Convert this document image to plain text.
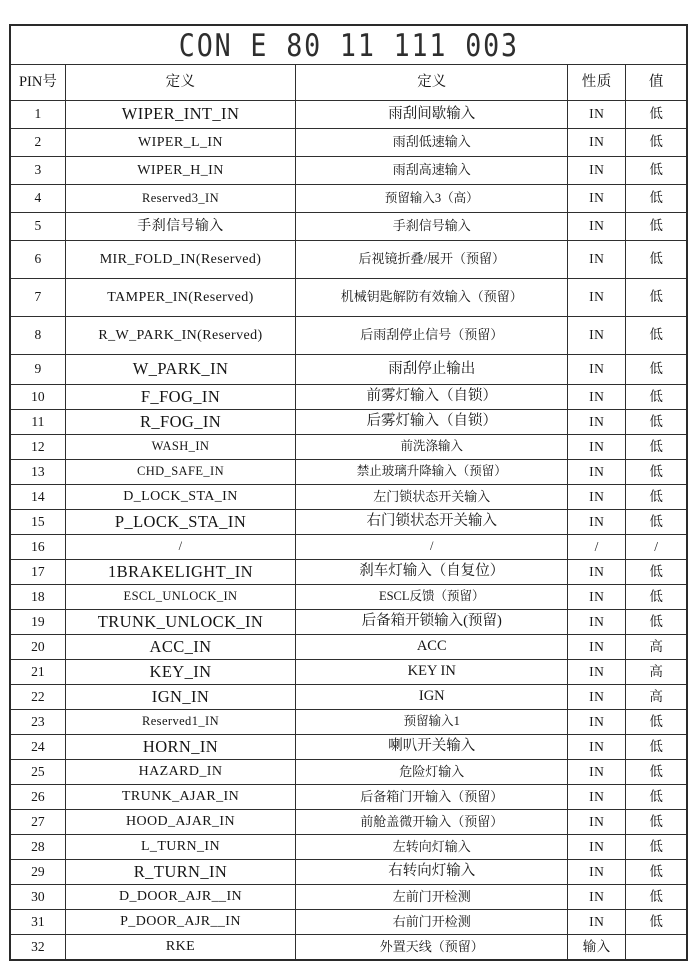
CON E 80 11 111 003
PIN号	定义	定义	性质	值
1	WIPER_INT_IN	雨刮间歇输入	IN	低
2	WIPER_L_IN	雨刮低速输入	IN	低
3	WIPER_H_IN	雨刮高速输入	IN	低
4	Reserved3_IN	预留输入3（高）	IN	低
5	手刹信号输入	手刹信号输入	IN	低
6	MIR_FOLD_IN(Reserved)	后视镜折叠/展开（预留）	IN	低
7	TAMPER_IN(Reserved)	机械钥匙解防有效输入（预留）	IN	低
8	R_W_PARK_IN(Reserved)	后雨刮停止信号（预留）	IN	低
9	W_PARK_IN	雨刮停止输出	IN	低
10	F_FOG_IN	前雾灯输入（自锁）	IN	低
11	R_FOG_IN	后雾灯输入（自锁）	IN	低
12	WASH_IN	前洗涤输入	IN	低
13	CHD_SAFE_IN	禁止玻璃升降输入（预留）	IN	低
14	D_LOCK_STA_IN	左门锁状态开关输入	IN	低
15	P_LOCK_STA_IN	右门锁状态开关输入	IN	低
16	/	/	/	/
17	1BRAKELIGHT_IN	刹车灯输入（自复位）	IN	低
18	ESCL_UNLOCK_IN	ESCL反馈（预留）	IN	低
19	TRUNK_UNLOCK_IN	后备箱开锁输入(预留)	IN	低
20	ACC_IN	ACC	IN	高
21	KEY_IN	KEY IN	IN	高
22	IGN_IN	IGN	IN	高
23	Reserved1_IN	预留输入1	IN	低
24	HORN_IN	喇叭开关输入	IN	低
25	HAZARD_IN	危险灯输入	IN	低
26	TRUNK_AJAR_IN	后备箱门开输入（预留）	IN	低
27	HOOD_AJAR_IN	前舱盖微开输入（预留）	IN	低
28	L_TURN_IN	左转向灯输入	IN	低
29	R_TURN_IN	右转向灯输入	IN	低
30	D_DOOR_AJR__IN	左前门开检测	IN	低
31	P_DOOR_AJR__IN	右前门开检测	IN	低
32	RKE	外置天线（预留）	输入
